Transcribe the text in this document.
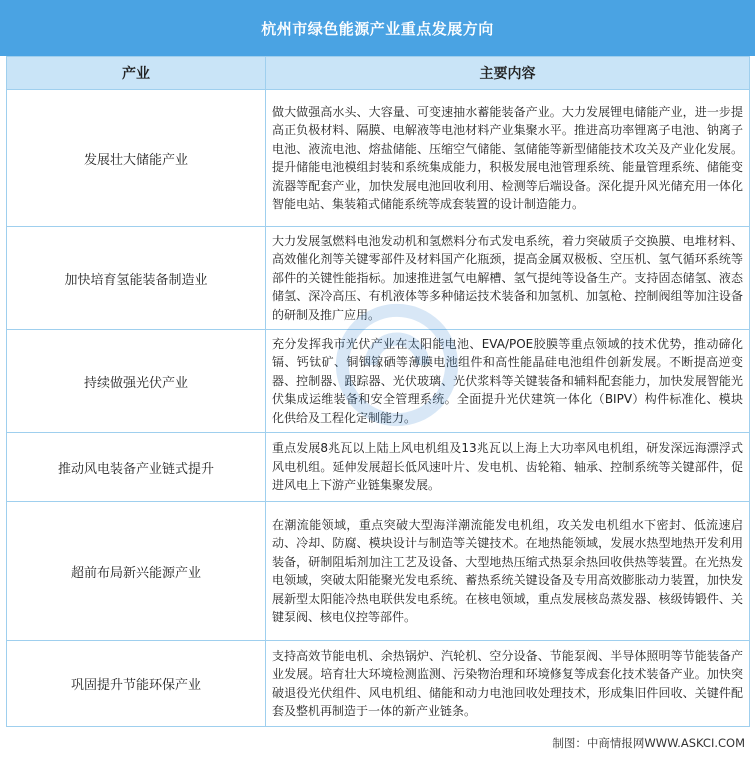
杭州市绿色能源产业重点发展方向
产业	主要内容
发展壮大储能产业	做大做强高水头、大容量、可变速抽水蓄能装备产业。大力发展锂电储能产业，进一步提高正负极材料、隔膜、电解液等电池材料产业集聚水平。推进高功率锂离子电池、钠离子电池、液流电池、熔盐储能、压缩空气储能、氢储能等新型储能技术攻关及产业化发展。提升储能电池模组封装和系统集成能力，积极发展电池管理系统、能量管理系统、储能变流器等配套产业，加快发展电池回收利用、检测等后端设备。深化提升风光储充用一体化智能电站、集装箱式储能系统等成套装置的设计制造能力。

加快培育氢能装备制造业	大力发展氢燃料电池发动机和氢燃料分布式发电系统，着力突破质子交换膜、电堆材料、高效催化剂等关键零部件及材料国产化瓶颈，提高金属双极板、空压机、氢气循环系统等部件的关键性能指标。加速推进氢气电解槽、氢气提纯等设备生产。支持固态储氢、液态储氢、深冷高压、有机液体等多种储运技术装备和加氢机、加氢枪、控制阀组等加注设备的研制及推广应用。

持续做强光伏产业	充分发挥我市光伏产业在太阳能电池、EVA/POE胶膜等重点领域的技术优势，推动碲化镉、钙钛矿、铜铟镓硒等薄膜电池组件和高性能晶硅电池组件创新发展。不断提高逆变器、控制器、跟踪器、光伏玻璃、光伏浆料等关键装备和辅料配套能力，加快发展智能光伏集成运维装备和安全管理系统。全面提升光伏建筑一体化（BIPV）构件标准化、模块化供给及工程化定制能力。

推动风电装备产业链式提升	重点发展8兆瓦以上陆上风电机组及13兆瓦以上海上大功率风电机组，研发深远海漂浮式风电机组。延伸发展超长低风速叶片、发电机、齿轮箱、轴承、控制系统等关键部件，促进风电上下游产业链集聚发展。

超前布局新兴能源产业	在潮流能领域，重点突破大型海洋潮流能发电机组，攻关发电机组水下密封、低流速启动、冷却、防腐、模块设计与制造等关键技术。在地热能领域，发展水热型地热开发利用装备，研制阻垢剂加注工艺及设备、大型地热压缩式热泵余热回收供热等装置。在光热发电领域，突破太阳能聚光发电系统、蓄热系统关键设备及专用高效膨胀动力装置，加快发展新型太阳能冷热电联供发电系统。在核电领域，重点发展核岛蒸发器、核级铸锻件、关键泵阀、核电仪控等部件。

巩固提升节能环保产业	支持高效节能电机、余热锅炉、汽轮机、空分设备、节能泵阀、半导体照明等节能装备产业发展。培育壮大环境检测监测、污染物治理和环境修复等成套化技术装备产业。加快突破退役光伏组件、风电机组、储能和动力电池回收处理技术，形成集旧件回收、关键件配套及整机再制造于一体的新产业链条。
制图：中商情报网WWW.ASKCI.COM
